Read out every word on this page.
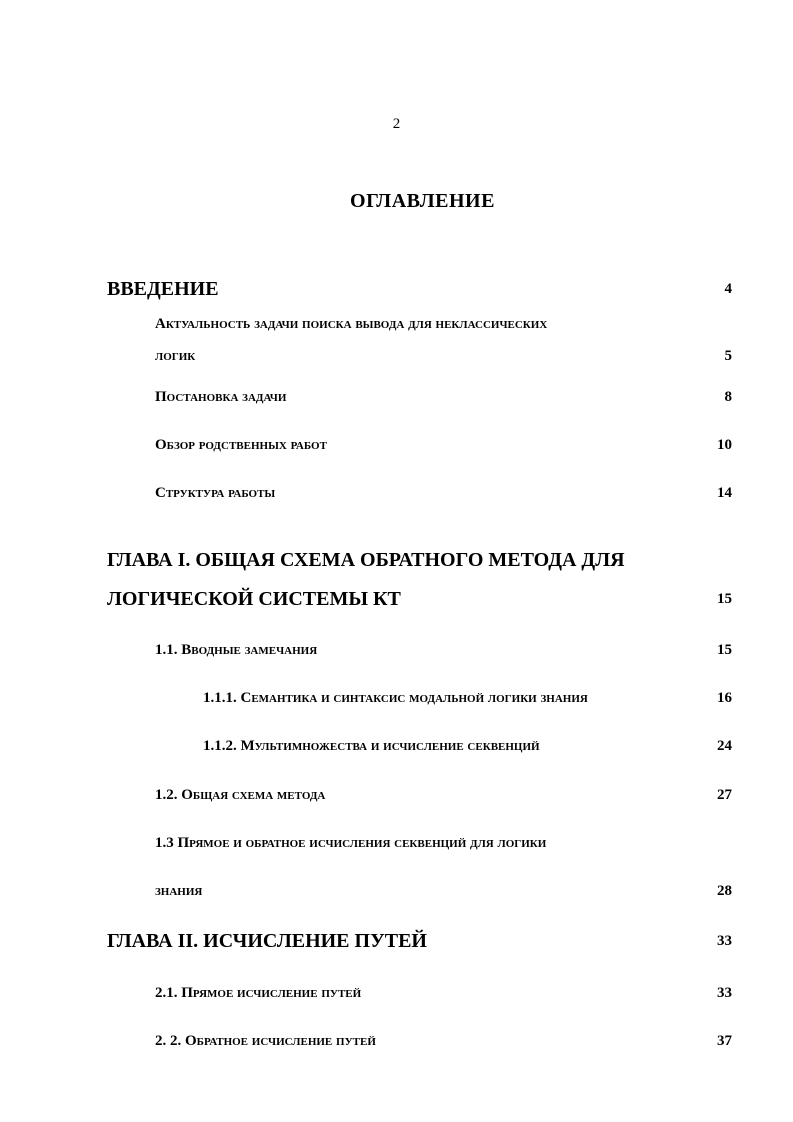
2
ОГЛАВЛЕНИЕ
ВВЕДЕНИЕ	4
Актуальность задачи поиска вывода для неклассических
логик	5
Постановка задачи	8
Обзор родственных работ	10
Структура работы	14
ГЛАВА I. ОБЩАЯ СХЕМА ОБРАТНОГО МЕТОДА ДЛЯ
ЛОГИЧЕСКОЙ СИСТЕМЫ КТ	15
1.1. Вводные замечания	15
1.1.1. Семантика и синтаксис модальной логики знания	16
1.1.2. Мультимножества и исчисление секвенций	24
1.2. Общая схема метода	27
1.3 Прямое и обратное исчисления секвенций для логики
знания	28
ГЛАВА II. ИСЧИСЛЕНИЕ ПУТЕЙ	33
2.1. Прямое исчисление путей	33
2. 2. Обратное исчисление путей	37
